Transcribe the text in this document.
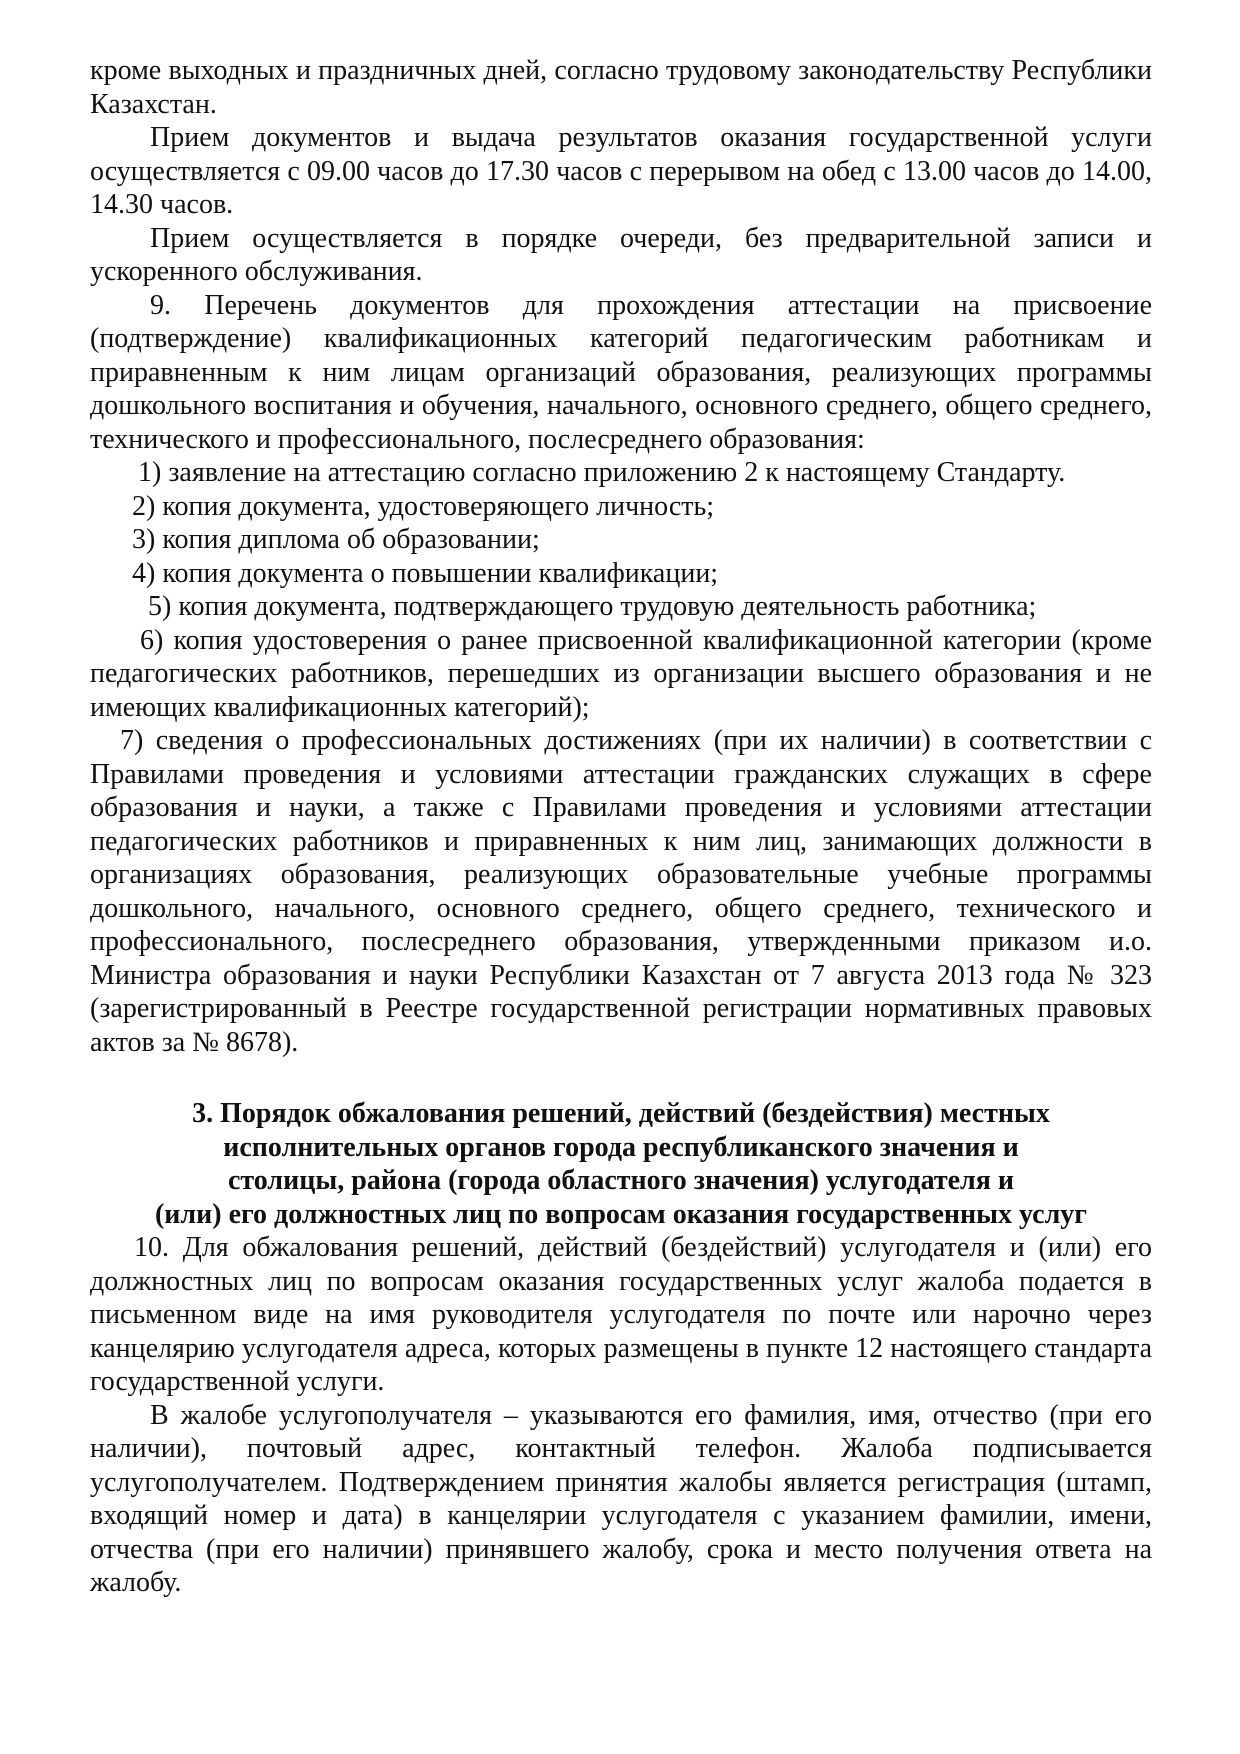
кроме выходных и праздничных дней, согласно трудовому законодательству Республики Казахстан.

Прием документов и выдача результатов оказания государственной услуги осуществляется с 09.00 часов до 17.30 часов с перерывом на обед с 13.00 часов до 14.00, 14.30 часов.

Прием осуществляется в порядке очереди, без предварительной записи и ускоренного обслуживания.

9. Перечень документов для прохождения аттестации на присвоение (подтверждение) квалификационных категорий педагогическим работникам и приравненным к ним лицам организаций образования, реализующих программы дошкольного воспитания и обучения, начального, основного среднего, общего среднего, технического и профессионального, послесреднего образования:

1) заявление на аттестацию согласно приложению 2 к настоящему Стандарту.

2) копия документа, удостоверяющего личность;

3) копия диплома об образовании;

4) копия документа о повышении квалификации;

5) копия документа, подтверждающего трудовую деятельность работника;

6) копия удостоверения о ранее присвоенной квалификационной категории (кроме педагогических работников, перешедших из организации высшего образования и не имеющих квалификационных категорий);

7) сведения о профессиональных достижениях (при их наличии) в соответствии с Правилами проведения и условиями аттестации гражданских служащих в сфере образования и науки, а также с Правилами проведения и условиями аттестации педагогических работников и приравненных к ним лиц, занимающих должности в организациях образования, реализующих образовательные учебные программы дошкольного, начального, основного среднего, общего среднего, технического и профессионального, послесреднего образования, утвержденными приказом и.о. Министра образования и науки Республики Казахстан от 7 августа 2013 года № 323 (зарегистрированный в Реестре государственной регистрации нормативных правовых актов за № 8678).

3. Порядок обжалования решений, действий (бездействия) местных
исполнительных органов города республиканского значения и
столицы, района (города областного значения) услугодателя и
(или) его должностных лиц по вопросам оказания государственных услуг

10. Для обжалования решений, действий (бездействий) услугодателя и (или) его должностных лиц по вопросам оказания государственных услуг жалоба подается в письменном виде на имя руководителя услугодателя по почте или нарочно через канцелярию услугодателя адреса, которых размещены в пункте 12 настоящего стандарта государственной услуги.

В жалобе услугополучателя – указываются его фамилия, имя, отчество (при его наличии), почтовый адрес, контактный телефон. Жалоба подписывается услугополучателем. Подтверждением принятия жалобы является регистрация (штамп, входящий номер и дата) в канцелярии услугодателя с указанием фамилии, имени, отчества (при его наличии) принявшего жалобу, срока и место получения ответа на жалобу.
